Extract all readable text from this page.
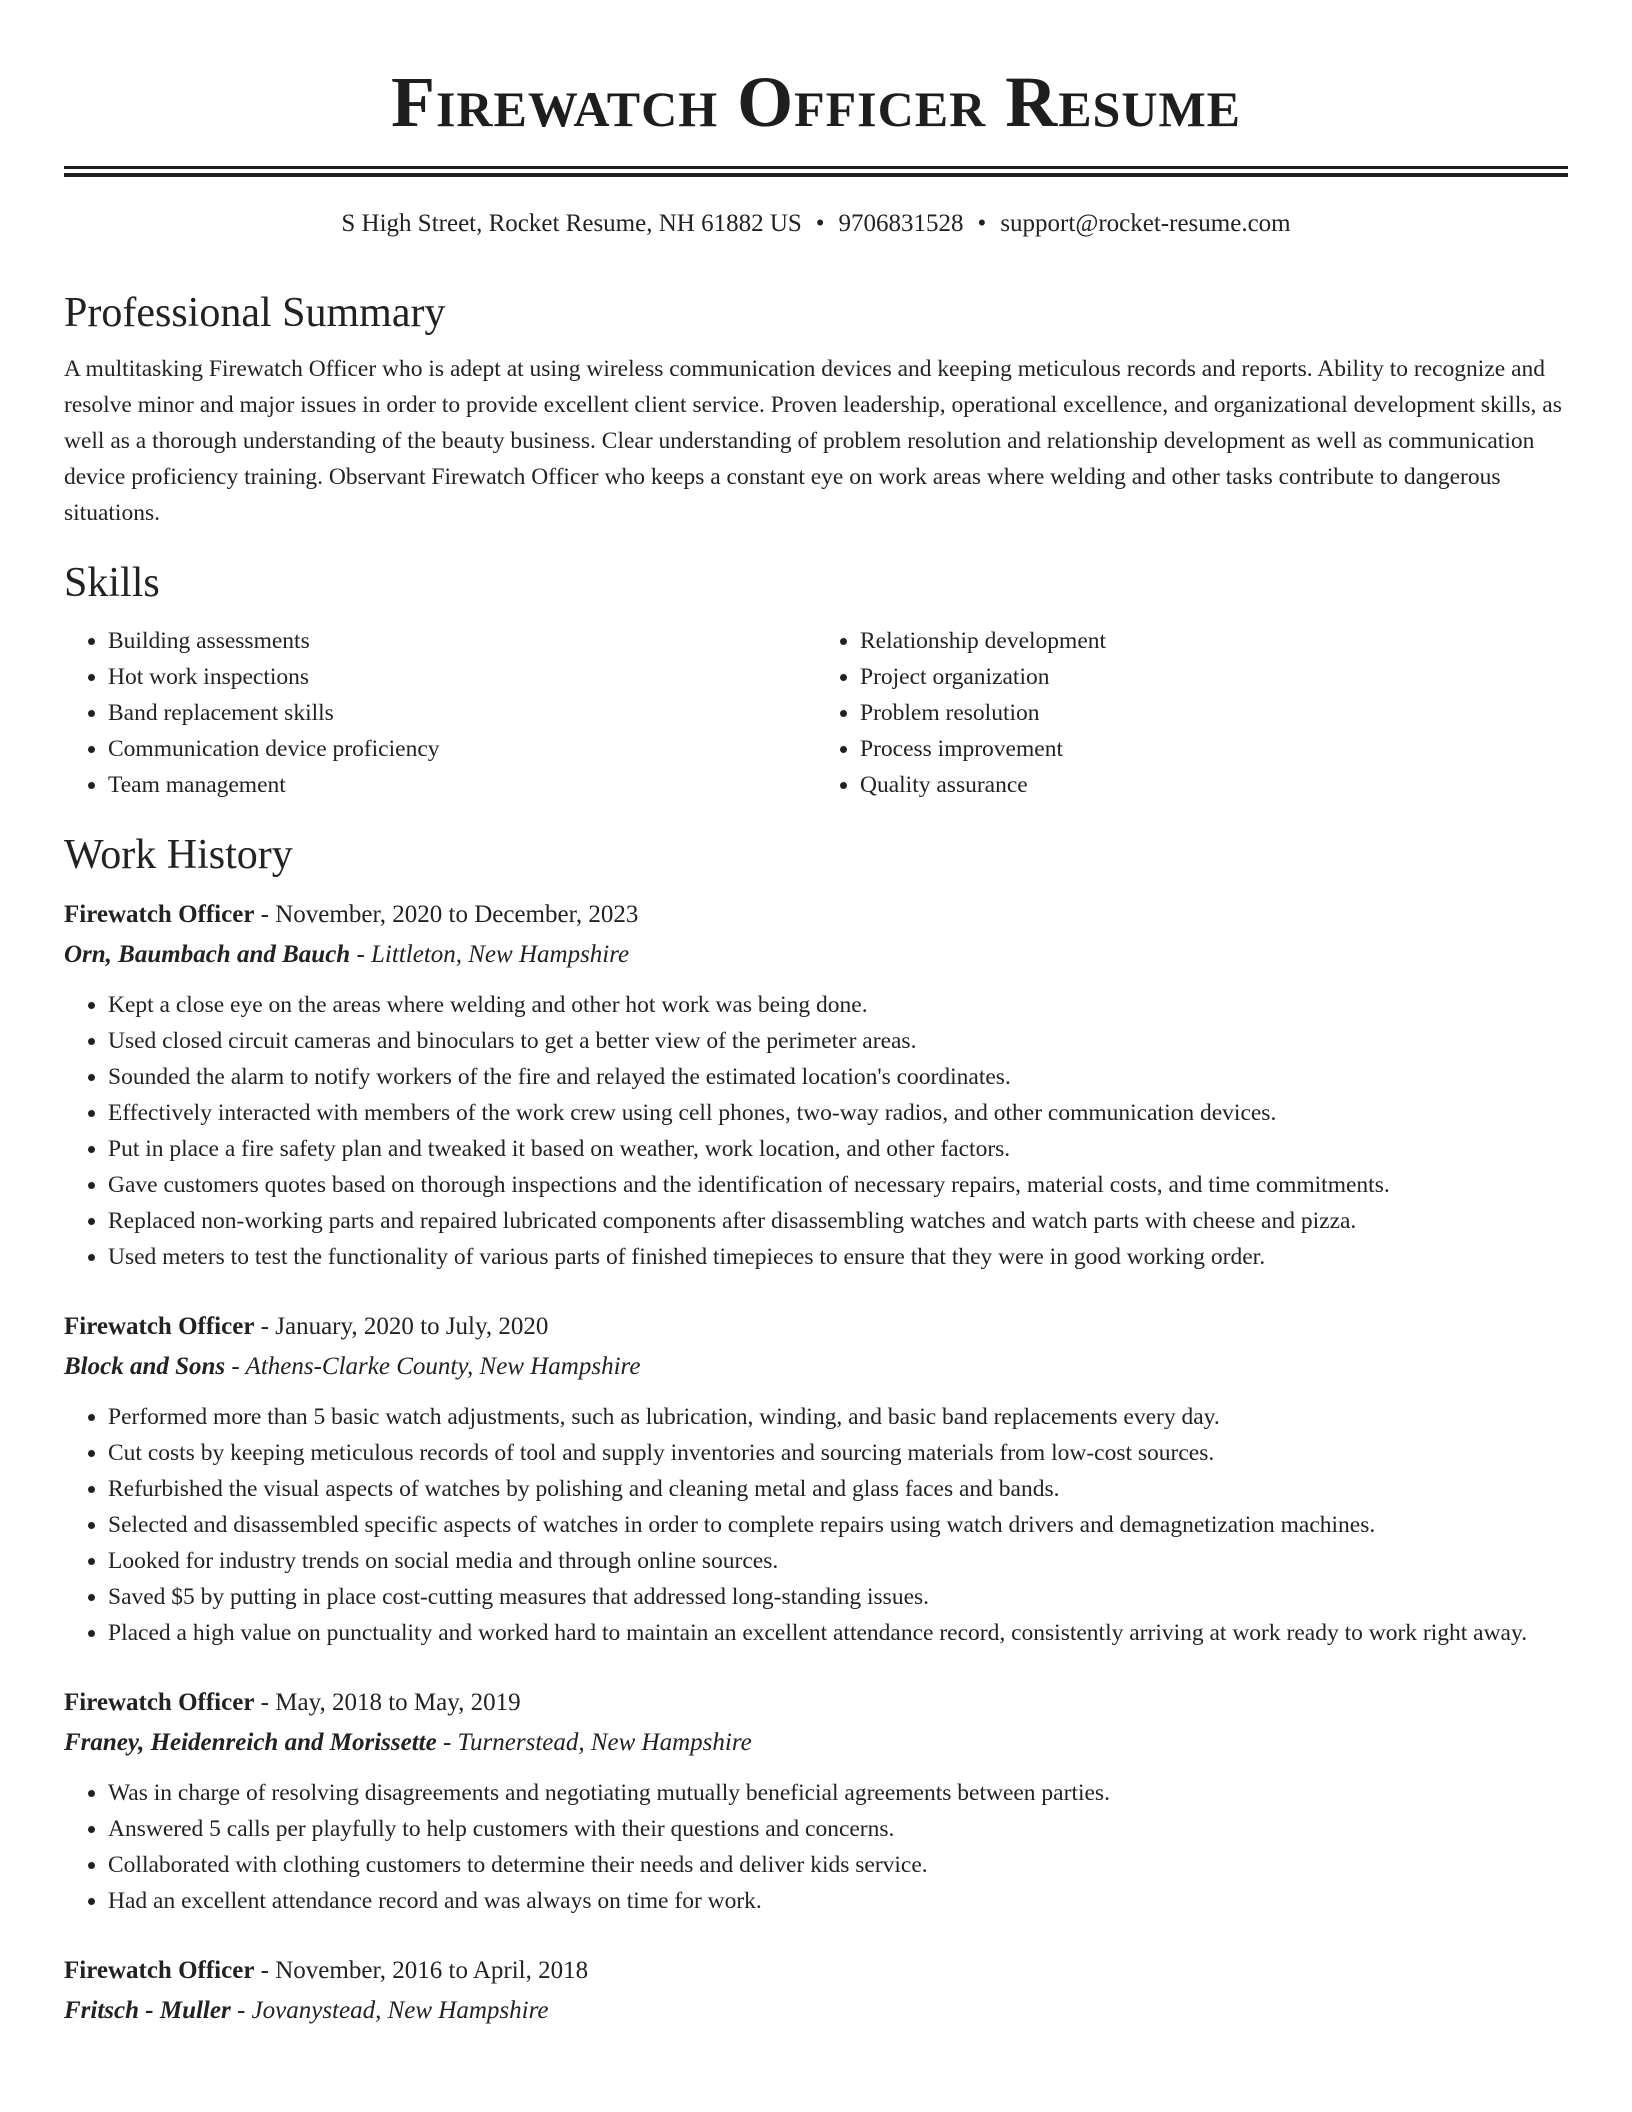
Firewatch Officer Resume
S High Street, Rocket Resume, NH 61882 US • 9706831528 • support@rocket-resume.com
Professional Summary
A multitasking Firewatch Officer who is adept at using wireless communication devices and keeping meticulous records and reports. Ability to recognize and resolve minor and major issues in order to provide excellent client service. Proven leadership, operational excellence, and organizational development skills, as well as a thorough understanding of the beauty business. Clear understanding of problem resolution and relationship development as well as communication device proficiency training. Observant Firewatch Officer who keeps a constant eye on work areas where welding and other tasks contribute to dangerous situations.
Skills
• Building assessments
• Hot work inspections
• Band replacement skills
• Communication device proficiency
• Team management
• Relationship development
• Project organization
• Problem resolution
• Process improvement
• Quality assurance
Work History
Firewatch Officer - November, 2020 to December, 2023
Orn, Baumbach and Bauch - Littleton, New Hampshire
• Kept a close eye on the areas where welding and other hot work was being done.
• Used closed circuit cameras and binoculars to get a better view of the perimeter areas.
• Sounded the alarm to notify workers of the fire and relayed the estimated location's coordinates.
• Effectively interacted with members of the work crew using cell phones, two-way radios, and other communication devices.
• Put in place a fire safety plan and tweaked it based on weather, work location, and other factors.
• Gave customers quotes based on thorough inspections and the identification of necessary repairs, material costs, and time commitments.
• Replaced non-working parts and repaired lubricated components after disassembling watches and watch parts with cheese and pizza.
• Used meters to test the functionality of various parts of finished timepieces to ensure that they were in good working order.
Firewatch Officer - January, 2020 to July, 2020
Block and Sons - Athens-Clarke County, New Hampshire
• Performed more than 5 basic watch adjustments, such as lubrication, winding, and basic band replacements every day.
• Cut costs by keeping meticulous records of tool and supply inventories and sourcing materials from low-cost sources.
• Refurbished the visual aspects of watches by polishing and cleaning metal and glass faces and bands.
• Selected and disassembled specific aspects of watches in order to complete repairs using watch drivers and demagnetization machines.
• Looked for industry trends on social media and through online sources.
• Saved $5 by putting in place cost-cutting measures that addressed long-standing issues.
• Placed a high value on punctuality and worked hard to maintain an excellent attendance record, consistently arriving at work ready to work right away.
Firewatch Officer - May, 2018 to May, 2019
Franey, Heidenreich and Morissette - Turnerstead, New Hampshire
• Was in charge of resolving disagreements and negotiating mutually beneficial agreements between parties.
• Answered 5 calls per playfully to help customers with their questions and concerns.
• Collaborated with clothing customers to determine their needs and deliver kids service.
• Had an excellent attendance record and was always on time for work.
Firewatch Officer - November, 2016 to April, 2018
Fritsch - Muller - Jovanystead, New Hampshire
